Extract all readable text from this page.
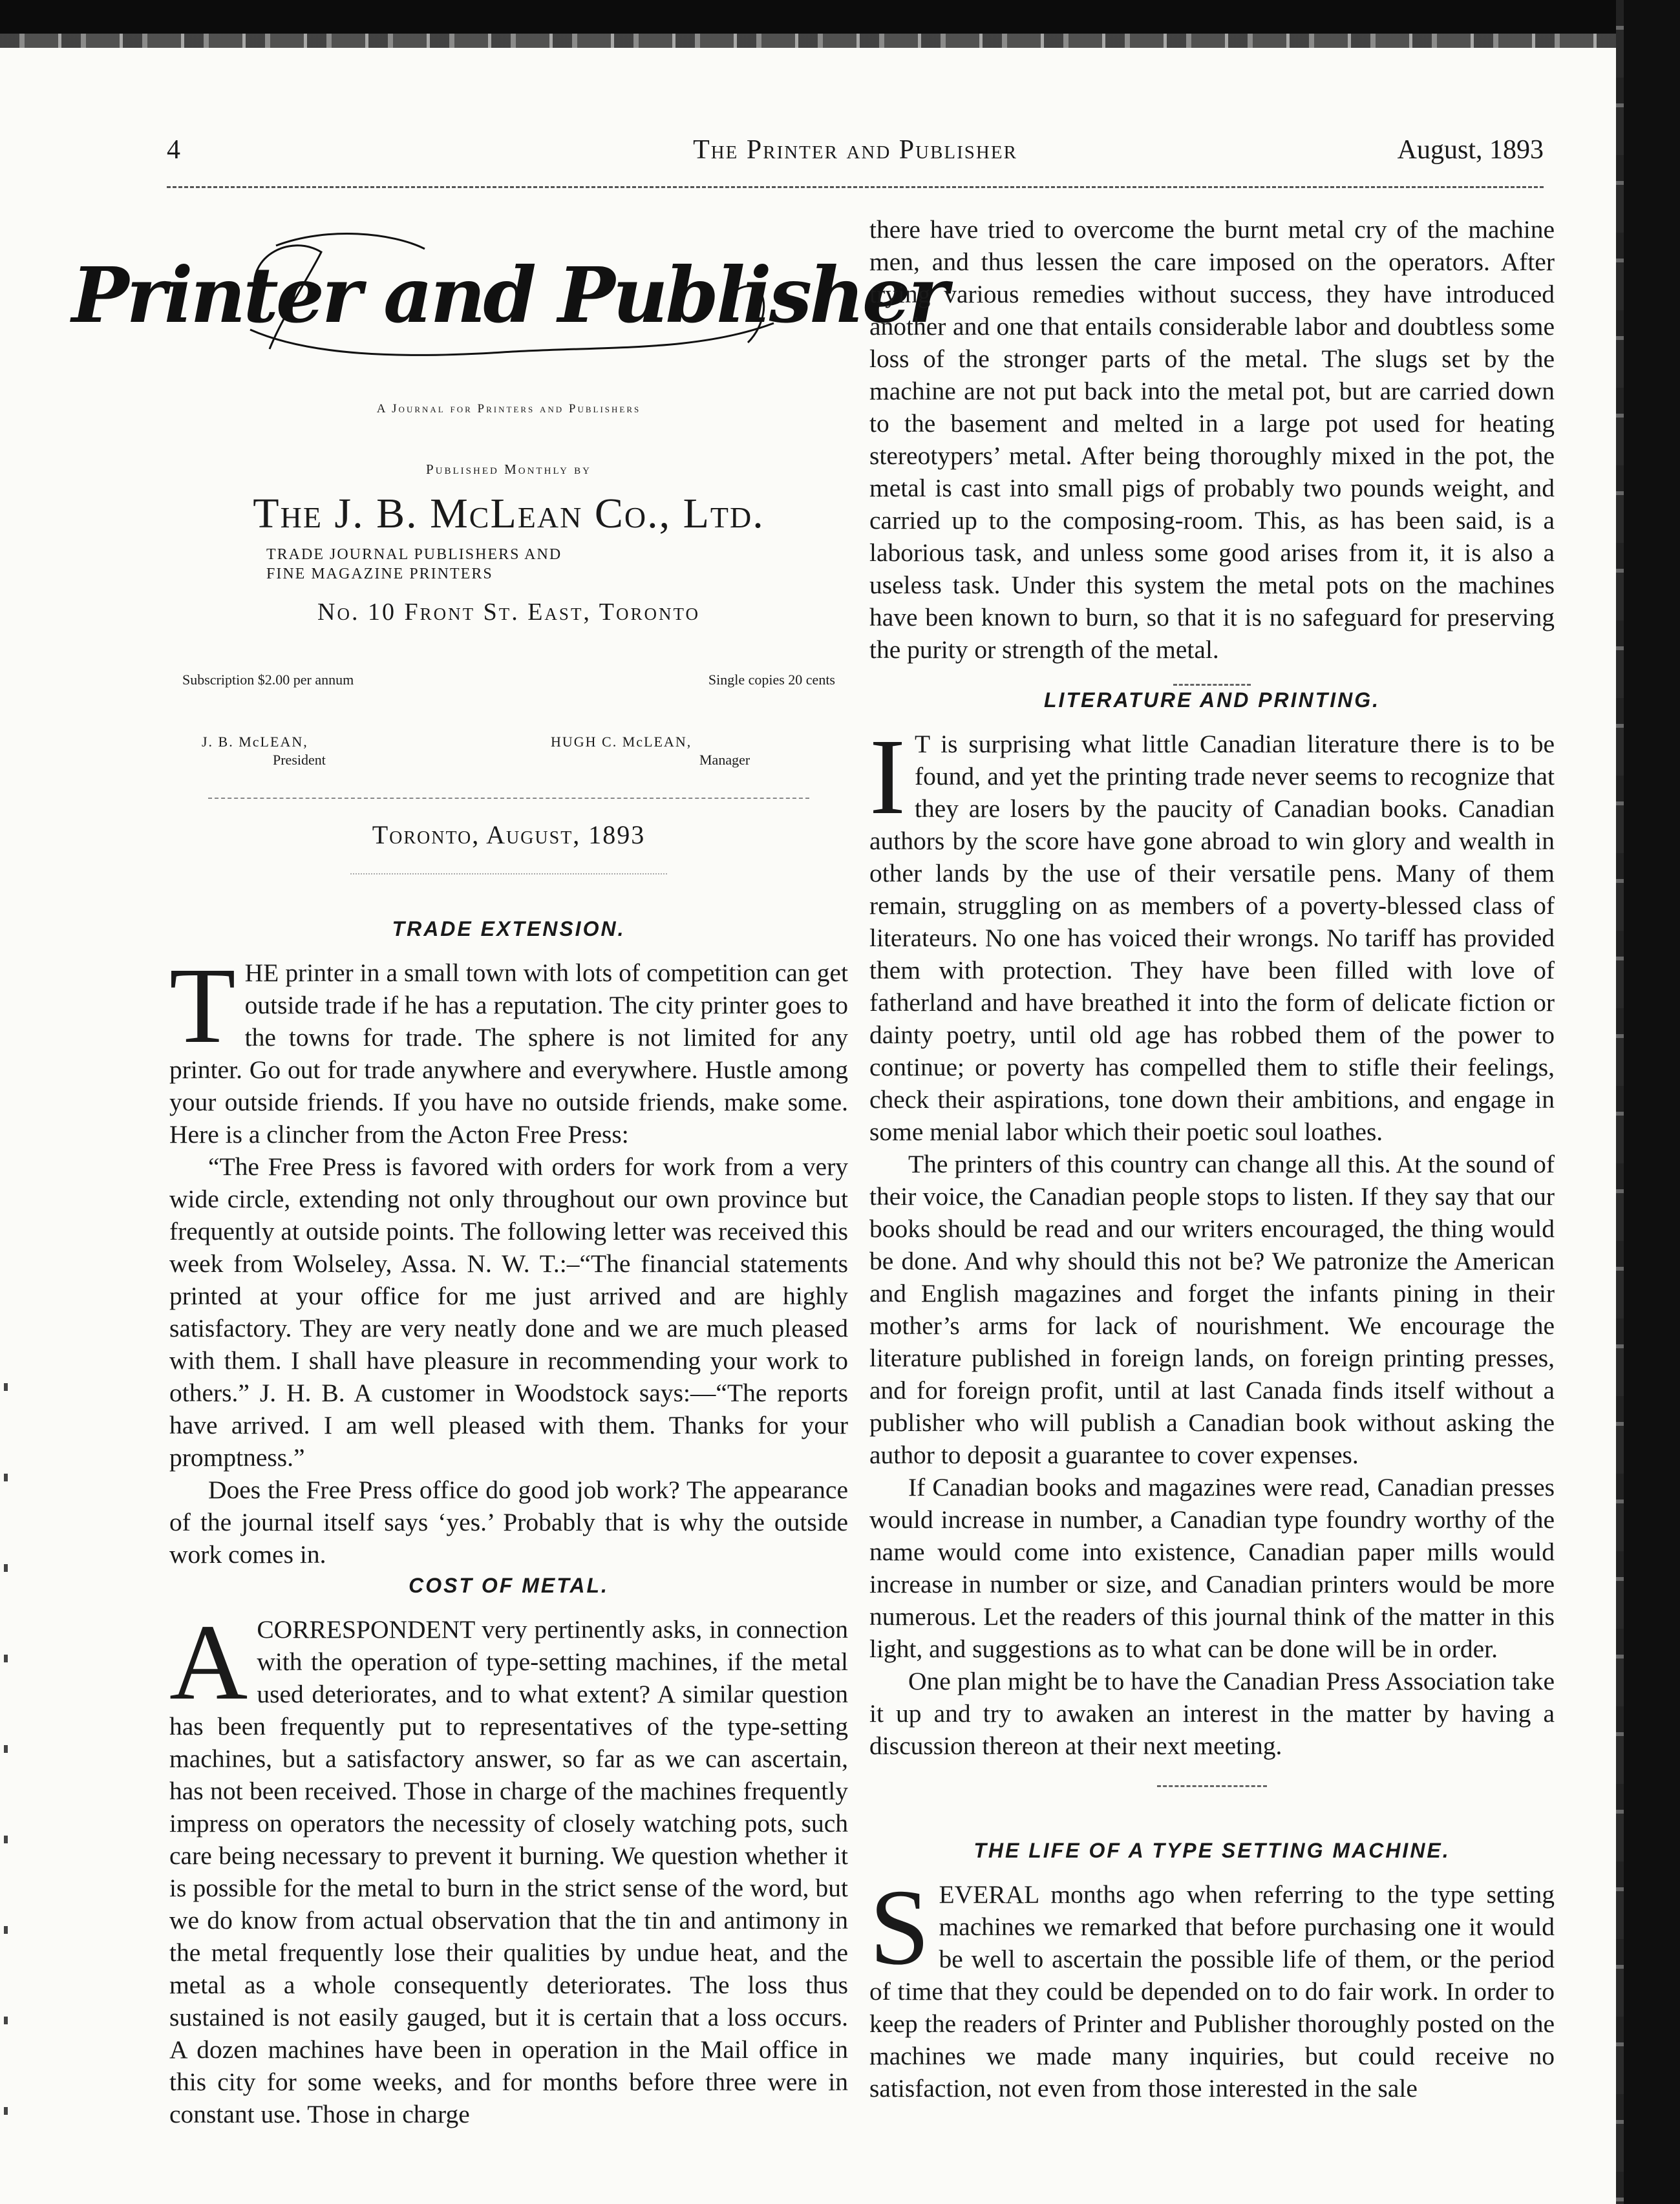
4	The Printer and Publisher	August, 1893
Printer and Publisher
A Journal for Printers and Publishers
Published Monthly by
The J. B. McLean Co., Ltd.
TRADE JOURNAL PUBLISHERS AND
FINE MAGAZINE PRINTERS
No. 10 Front St. East, Toronto
Subscription $2.00 per annum	Single copies 20 cents
J. B. McLEAN,
President
HUGH C. McLEAN,
Manager
Toronto, August, 1893
TRADE EXTENSION.

THE printer in a small town with lots of competition can get outside trade if he has a reputation. The city printer goes to the towns for trade. The sphere is not limited for any printer. Go out for trade anywhere and everywhere. Hustle among your outside friends. If you have no outside friends, make some. Here is a clincher from the Acton Free Press:

“The Free Press is favored with orders for work from a very wide circle, extending not only throughout our own province but frequently at outside points. The following letter was received this week from Wolseley, Assa. N. W. T.:–“The financial statements printed at your office for me just arrived and are highly satisfactory. They are very neatly done and we are much pleased with them. I shall have pleasure in recommending your work to others.” J. H. B. A customer in Woodstock says:—“The reports have arrived. I am well pleased with them. Thanks for your promptness.”

Does the Free Press office do good job work? The appearance of the journal itself says ‘yes.’ Probably that is why the outside work comes in.

COST OF METAL.

ACORRESPONDENT very pertinently asks, in connection with the operation of type-setting machines, if the metal used deteriorates, and to what extent? A similar question has been frequently put to representatives of the type-setting machines, but a satisfactory answer, so far as we can ascertain, has not been received. Those in charge of the machines frequently impress on operators the necessity of closely watching pots, such care being necessary to prevent it burning. We question whether it is possible for the metal to burn in the strict sense of the word, but we do know from actual observation that the tin and antimony in the metal frequently lose their qualities by undue heat, and the metal as a whole consequently deteriorates. The loss thus sustained is not easily gauged, but it is certain that a loss occurs. A dozen machines have been in operation in the Mail office in this city for some weeks, and for months before three were in constant use. Those in charge

there have tried to overcome the burnt metal cry of the machine men, and thus lessen the care imposed on the operators. After trying various remedies without success, they have introduced another and one that entails considerable labor and doubtless some loss of the stronger parts of the metal. The slugs set by the machine are not put back into the metal pot, but are carried down to the basement and melted in a large pot used for heating stereotypers’ metal. After being thoroughly mixed in the pot, the metal is cast into small pigs of probably two pounds weight, and carried up to the composing-room. This, as has been said, is a laborious task, and unless some good arises from it, it is also a useless task. Under this system the metal pots on the machines have been known to burn, so that it is no safeguard for preserving the purity or strength of the metal.

LITERATURE AND PRINTING.

I T is surprising what little Canadian literature there is to be found, and yet the printing trade never seems to recognize that they are losers by the paucity of Canadian books. Canadian authors by the score have gone abroad to win glory and wealth in other lands by the use of their versatile pens. Many of them remain, struggling on as members of a poverty-blessed class of literateurs. No one has voiced their wrongs. No tariff has provided them with protection. They have been filled with love of fatherland and have breathed it into the form of delicate fiction or dainty poetry, until old age has robbed them of the power to continue; or poverty has compelled them to stifle their feelings, check their aspirations, tone down their ambitions, and engage in some menial labor which their poetic soul loathes.

The printers of this country can change all this. At the sound of their voice, the Canadian people stops to listen. If they say that our books should be read and our writers encouraged, the thing would be done. And why should this not be? We patronize the American and English magazines and forget the infants pining in their mother’s arms for lack of nourishment. We encourage the literature published in foreign lands, on foreign printing presses, and for foreign profit, until at last Canada finds itself without a publisher who will publish a Canadian book without asking the author to deposit a guarantee to cover expenses.

If Canadian books and magazines were read, Canadian presses would increase in number, a Canadian type foundry worthy of the name would come into existence, Canadian paper mills would increase in number or size, and Canadian printers would be more numerous. Let the readers of this journal think of the matter in this light, and suggestions as to what can be done will be in order.

One plan might be to have the Canadian Press Association take it up and try to awaken an interest in the matter by having a discussion thereon at their next meeting.

THE LIFE OF A TYPE SETTING MACHINE.

SEVERAL months ago when referring to the type setting machines we remarked that before purchasing one it would be well to ascertain the possible life of them, or the period of time that they could be depended on to do fair work. In order to keep the readers of Printer and Publisher thoroughly posted on the machines we made many inquiries, but could receive no satisfaction, not even from those interested in the sale
